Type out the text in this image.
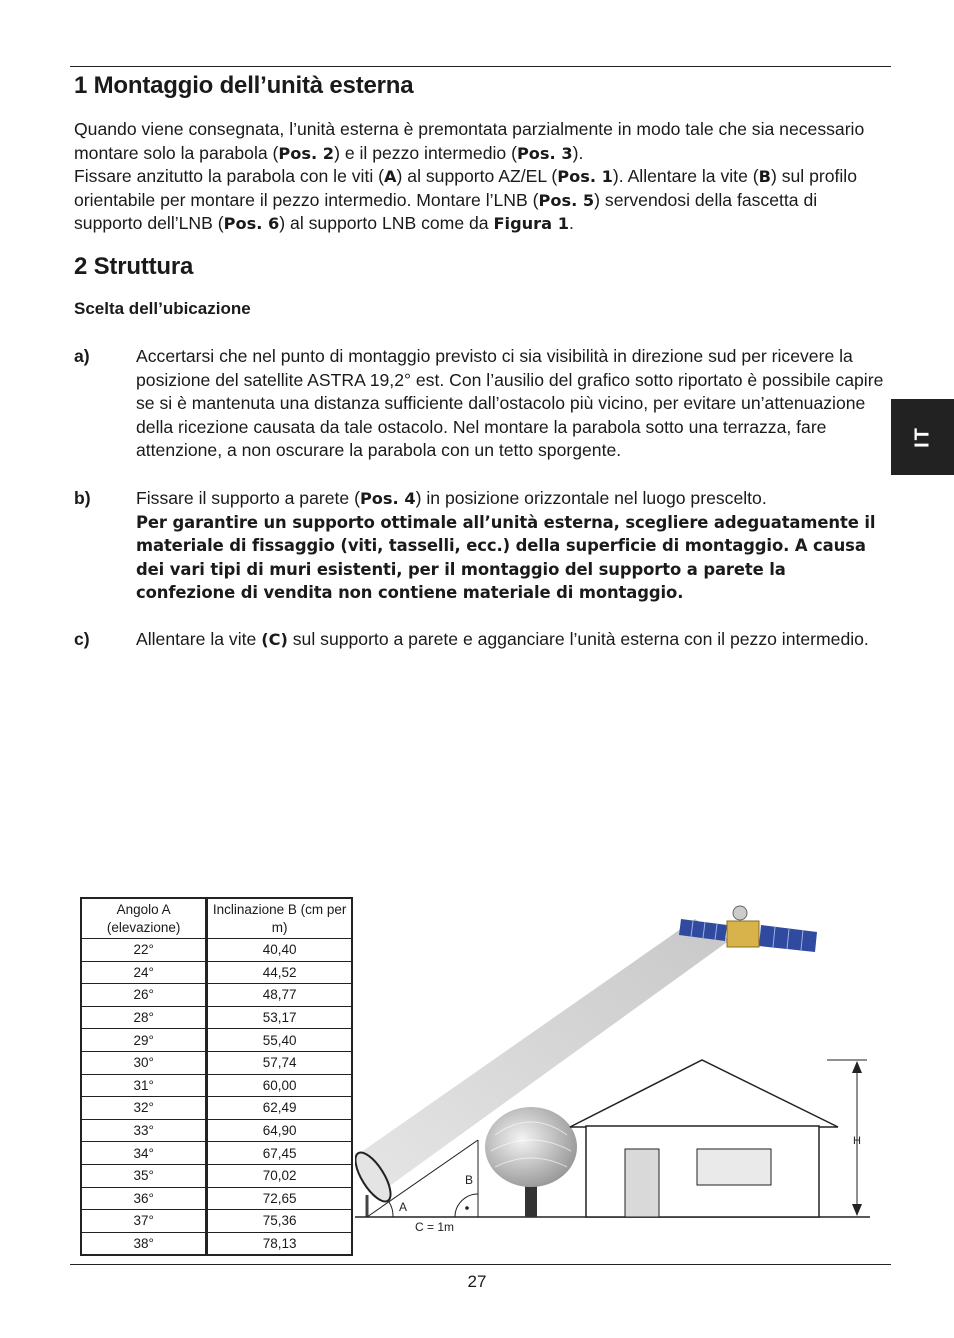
1 Montaggio dell’unità esterna

Quando viene consegnata, l’unità esterna è premontata parzialmente in modo tale che sia necessario montare solo la parabola (Pos. 2) e il pezzo intermedio (Pos. 3).

Fissare anzitutto la parabola con le viti (A) al supporto AZ/EL (Pos. 1). Allentare la vite (B) sul profilo orientabile per montare il pezzo intermedio. Montare l’LNB (Pos. 5) servendosi della fascetta di supporto dell’LNB (Pos. 6) al supporto LNB come da Figura 1.

2 Struttura

Scelta dell’ubicazione

a)	Accertarsi che nel punto di montaggio previsto ci sia visibilità in direzione sud per ricevere la posizione del satellite ASTRA 19,2° est. Con l’ausilio del grafico sotto riportato è possibile capire se si è mantenuta una distanza sufficiente dall’ostacolo più vicino, per evitare un’attenuazione della ricezione causata da tale ostacolo. Nel montare la parabola sotto una terrazza, fare attenzione, a non oscurare la parabola con un tetto sporgente.

b)	Fissare il supporto a parete (Pos. 4) in posizione orizzontale nel luogo prescelto.
Per garantire un supporto ottimale all’unità esterna, scegliere adeguatamente il materiale di fissaggio (viti, tasselli, ecc.) della superficie di montaggio. A causa dei vari tipi di muri esistenti, per il montaggio del supporto a parete la confezione di vendita non contiene materiale di montaggio.

c)	Allentare la vite (C) sul supporto a parete e agganciare l’unità esterna con il pezzo intermedio.

IT
Angolo A (elevazione)	Inclinazione B (cm per m)
22°	40,40
24°	44,52
26°	48,77
28°	53,17
29°	55,40
30°	57,74
31°	60,00
32°	62,49
33°	64,90
34°	67,45
35°	70,02
36°	72,65
37°	75,36
38°	78,13
A
B
C = 1m
H
27
